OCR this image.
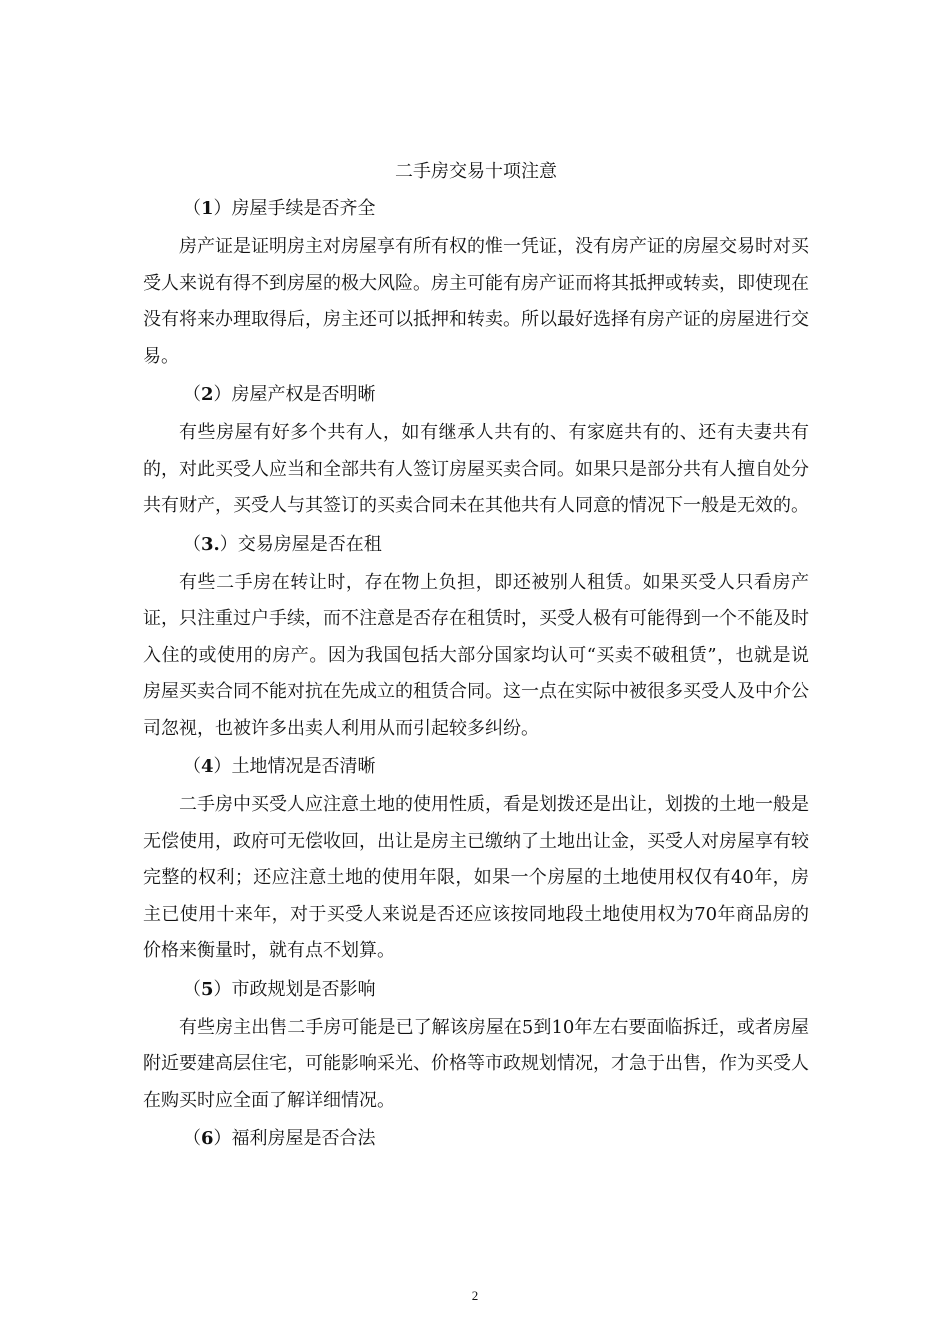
二手房交易十项注意
（1）房屋手续是否齐全

房产证是证明房主对房屋享有所有权的惟一凭证，没有房产证的房屋交易时对买受人来说有得不到房屋的极大风险。房主可能有房产证而将其抵押或转卖，即使现在没有将来办理取得后，房主还可以抵押和转卖。所以最好选择有房产证的房屋进行交易。

（2）房屋产权是否明晰

有些房屋有好多个共有人，如有继承人共有的、有家庭共有的、还有夫妻共有的，对此买受人应当和全部共有人签订房屋买卖合同。如果只是部分共有人擅自处分共有财产，买受人与其签订的买卖合同未在其他共有人同意的情况下一般是无效的。

（3.）交易房屋是否在租

有些二手房在转让时，存在物上负担，即还被别人租赁。如果买受人只看房产证，只注重过户手续，而不注意是否存在租赁时，买受人极有可能得到一个不能及时入住的或使用的房产。因为我国包括大部分国家均认可“买卖不破租赁”，也就是说房屋买卖合同不能对抗在先成立的租赁合同。这一点在实际中被很多买受人及中介公司忽视，也被许多出卖人利用从而引起较多纠纷。

（4）土地情况是否清晰

二手房中买受人应注意土地的使用性质，看是划拨还是出让，划拨的土地一般是无偿使用，政府可无偿收回，出让是房主已缴纳了土地出让金，买受人对房屋享有较完整的权利；还应注意土地的使用年限，如果一个房屋的土地使用权仅有40年，房主已使用十来年，对于买受人来说是否还应该按同地段土地使用权为70年商品房的价格来衡量时，就有点不划算。

（5）市政规划是否影响

有些房主出售二手房可能是已了解该房屋在5到10年左右要面临拆迁，或者房屋附近要建高层住宅，可能影响采光、价格等市政规划情况，才急于出售，作为买受人在购买时应全面了解详细情况。

（6）福利房屋是否合法
2
